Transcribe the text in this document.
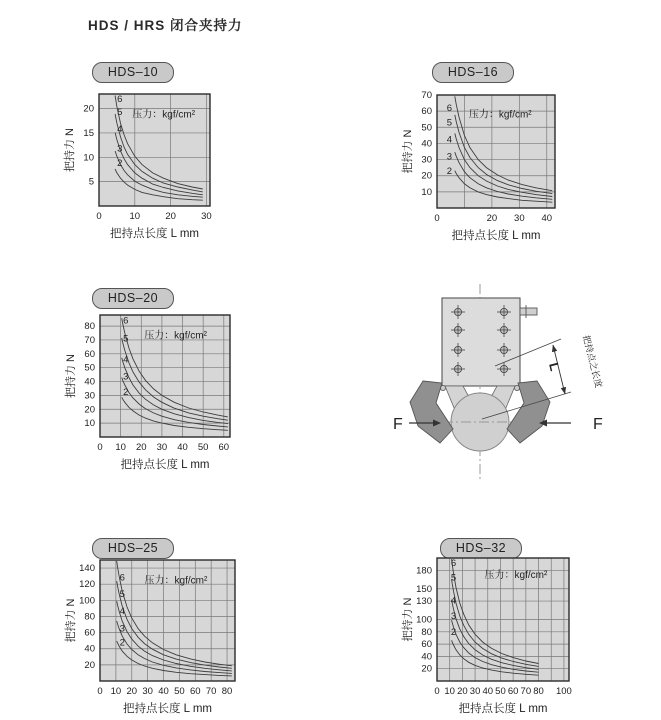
HDS / HRS 闭合夹持力
HDS–10
6
5
4
3
2
压力：kgf/cm²
5
10
15
20
0	10	20	30
把持力 N
把持点长度 L mm
HDS–16
6
5
4
3
2
压力：kgf/cm²
10
20
30
40
50
60
70
0	20 30 40
把持力 N
把持点长度 L mm
HDS–20
6
5
4
3
2
压力：kgf/cm²
10
20
30
40
50
60
70
80
0 10 20 30 40 50 60
把持力 N
把持点长度 L mm
HDS–25
6
5
4
3
2
压力：kgf/cm²
20
40
60
80
100
120
140
0 10 20 30 40 50 60 70 80
把持力 N
把持点长度 L mm
HDS–32
6
5
4
3
2
压力：kgf/cm²
20
40
60
80
100
130
150
180
0 10 20 30 40 50 60 70 80 100
把持力 N
把持点长度 L mm
F	F
L 把持点之长度
